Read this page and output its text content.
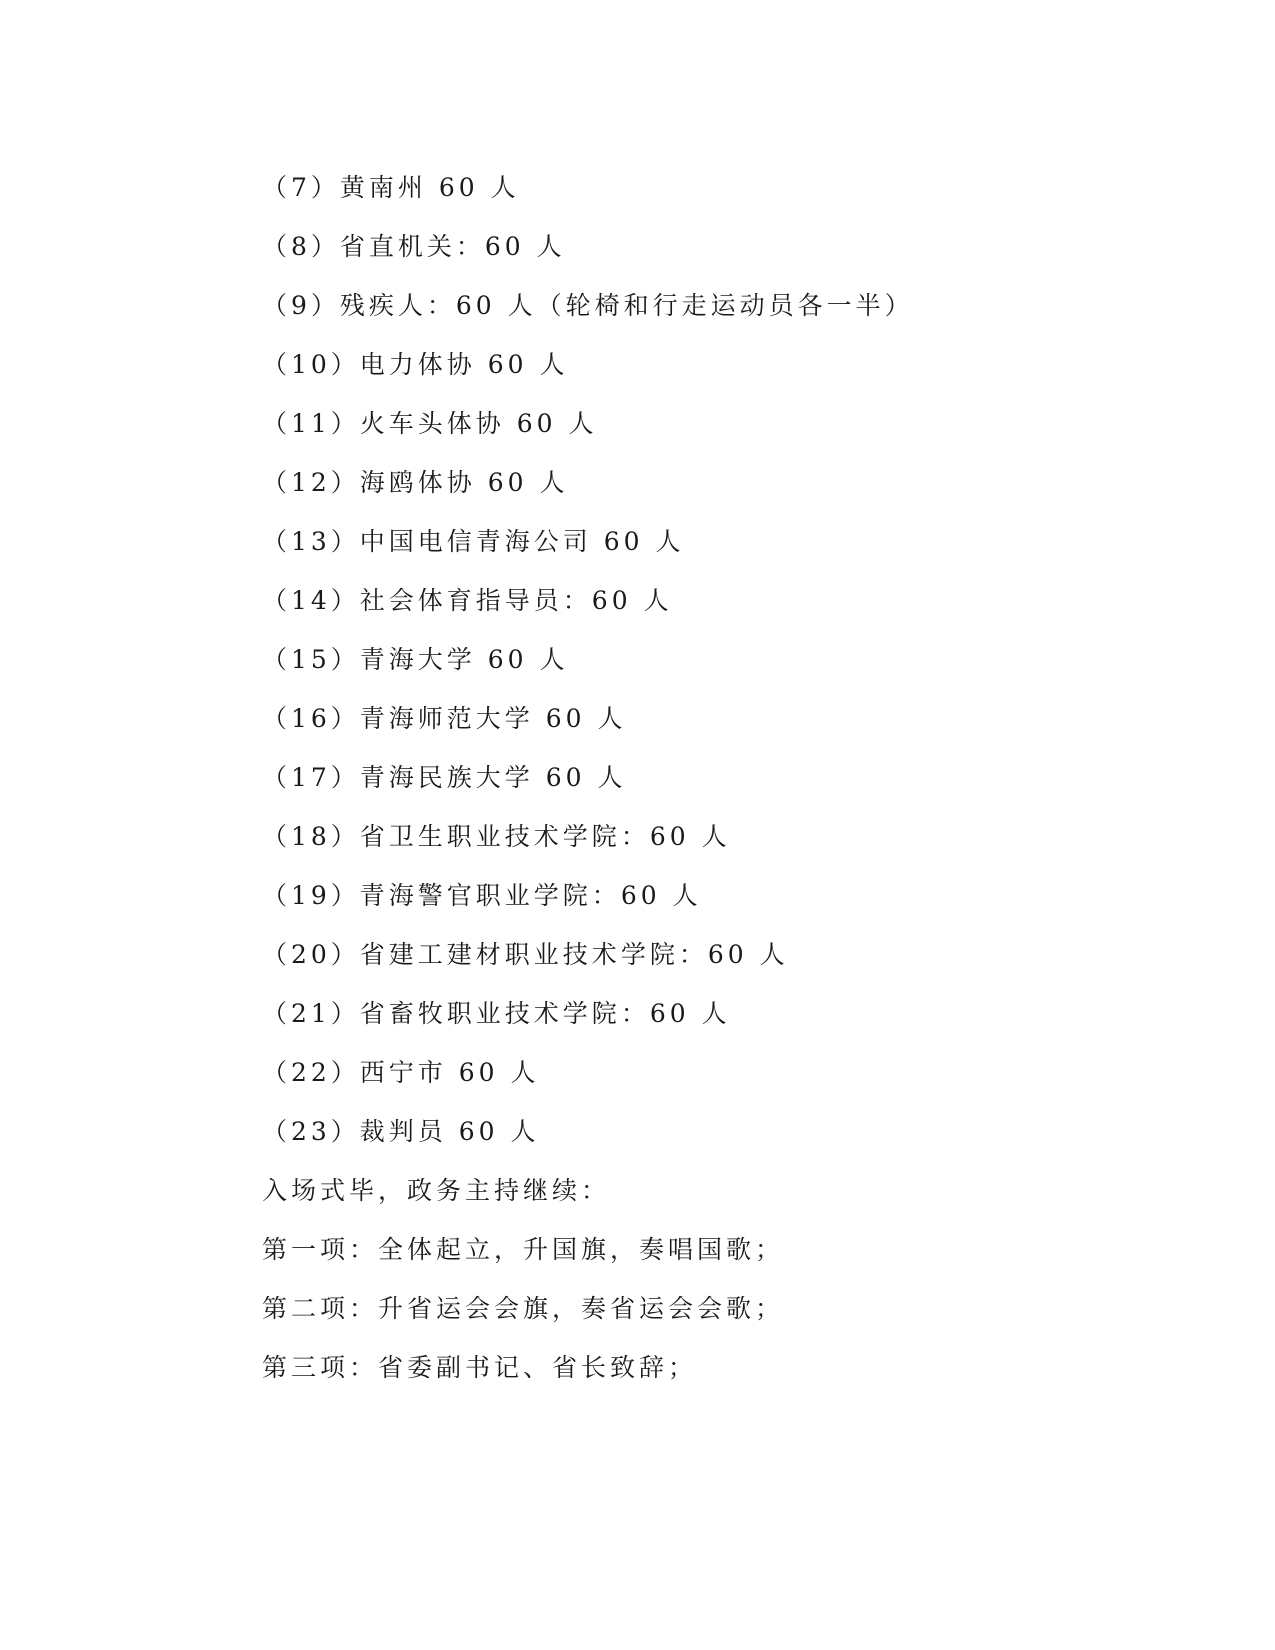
（7）黄南州 60 人
（8）省直机关：60 人
（9）残疾人：60 人（轮椅和行走运动员各一半）
（10）电力体协 60 人
（11）火车头体协 60 人
（12）海鸥体协 60 人
（13）中国电信青海公司 60 人
（14）社会体育指导员：60 人
（15）青海大学 60 人
（16）青海师范大学 60 人
（17）青海民族大学 60 人
（18）省卫生职业技术学院：60 人
（19）青海警官职业学院：60 人
（20）省建工建材职业技术学院：60 人
（21）省畜牧职业技术学院：60 人
（22）西宁市 60 人
（23）裁判员 60 人
入场式毕，政务主持继续：
第一项：全体起立，升国旗，奏唱国歌；
第二项：升省运会会旗，奏省运会会歌；
第三项：省委副书记、省长致辞；
